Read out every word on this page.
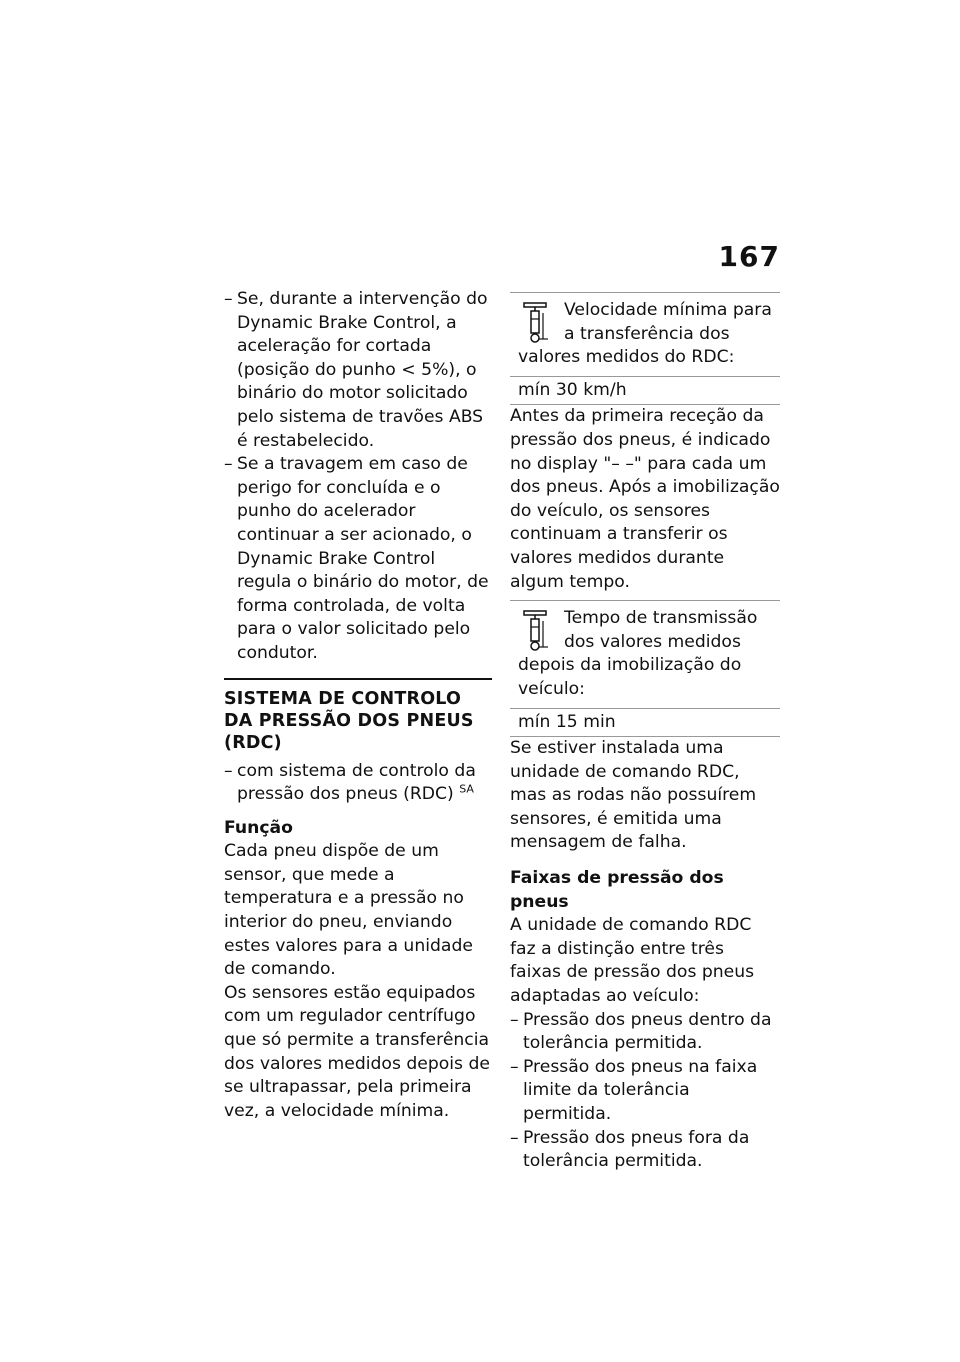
167
– Se, durante a intervenção do Dynamic Brake Control, a aceleração for cortada (posição do punho < 5%), o binário do motor solicitado pelo sistema de travões ABS é restabelecido.
– Se a travagem em caso de perigo for concluída e o punho do acelerador continuar a ser acionado, o Dynamic Brake Control regula o binário do motor, de forma controlada, de volta para o valor solicitado pelo condutor.
SISTEMA DE CONTROLO DA PRESSÃO DOS PNEUS (RDC)
– com sistema de controlo da pressão dos pneus (RDC) $^{SA}$
Função

Cada pneu dispõe de um sensor, que mede a temperatura e a pressão no interior do pneu, enviando estes valores para a unidade de comando.

Os sensores estão equipados com um regulador centrífugo que só permite a transferência dos valores medidos depois de se ultrapassar, pela primeira vez, a velocidade mínima.

Velocidade mínima para a transferência dos valores medidos do RDC:
mín 30 km/h

Antes da primeira receção da pressão dos pneus, é indicado no display "– –" para cada um dos pneus. Após a imobilização do veículo, os sensores continuam a transferir os valores medidos durante algum tempo.

Tempo de transmissão dos valores medidos depois da imobilização do veículo:
mín 15 min

Se estiver instalada uma unidade de comando RDC, mas as rodas não possuírem sensores, é emitida uma mensagem de falha.

Faixas de pressão dos pneus

A unidade de comando RDC faz a distinção entre três faixas de pressão dos pneus adaptadas ao veículo:

– Pressão dos pneus dentro da tolerância permitida.
– Pressão dos pneus na faixa limite da tolerância permitida.
– Pressão dos pneus fora da tolerância permitida.
